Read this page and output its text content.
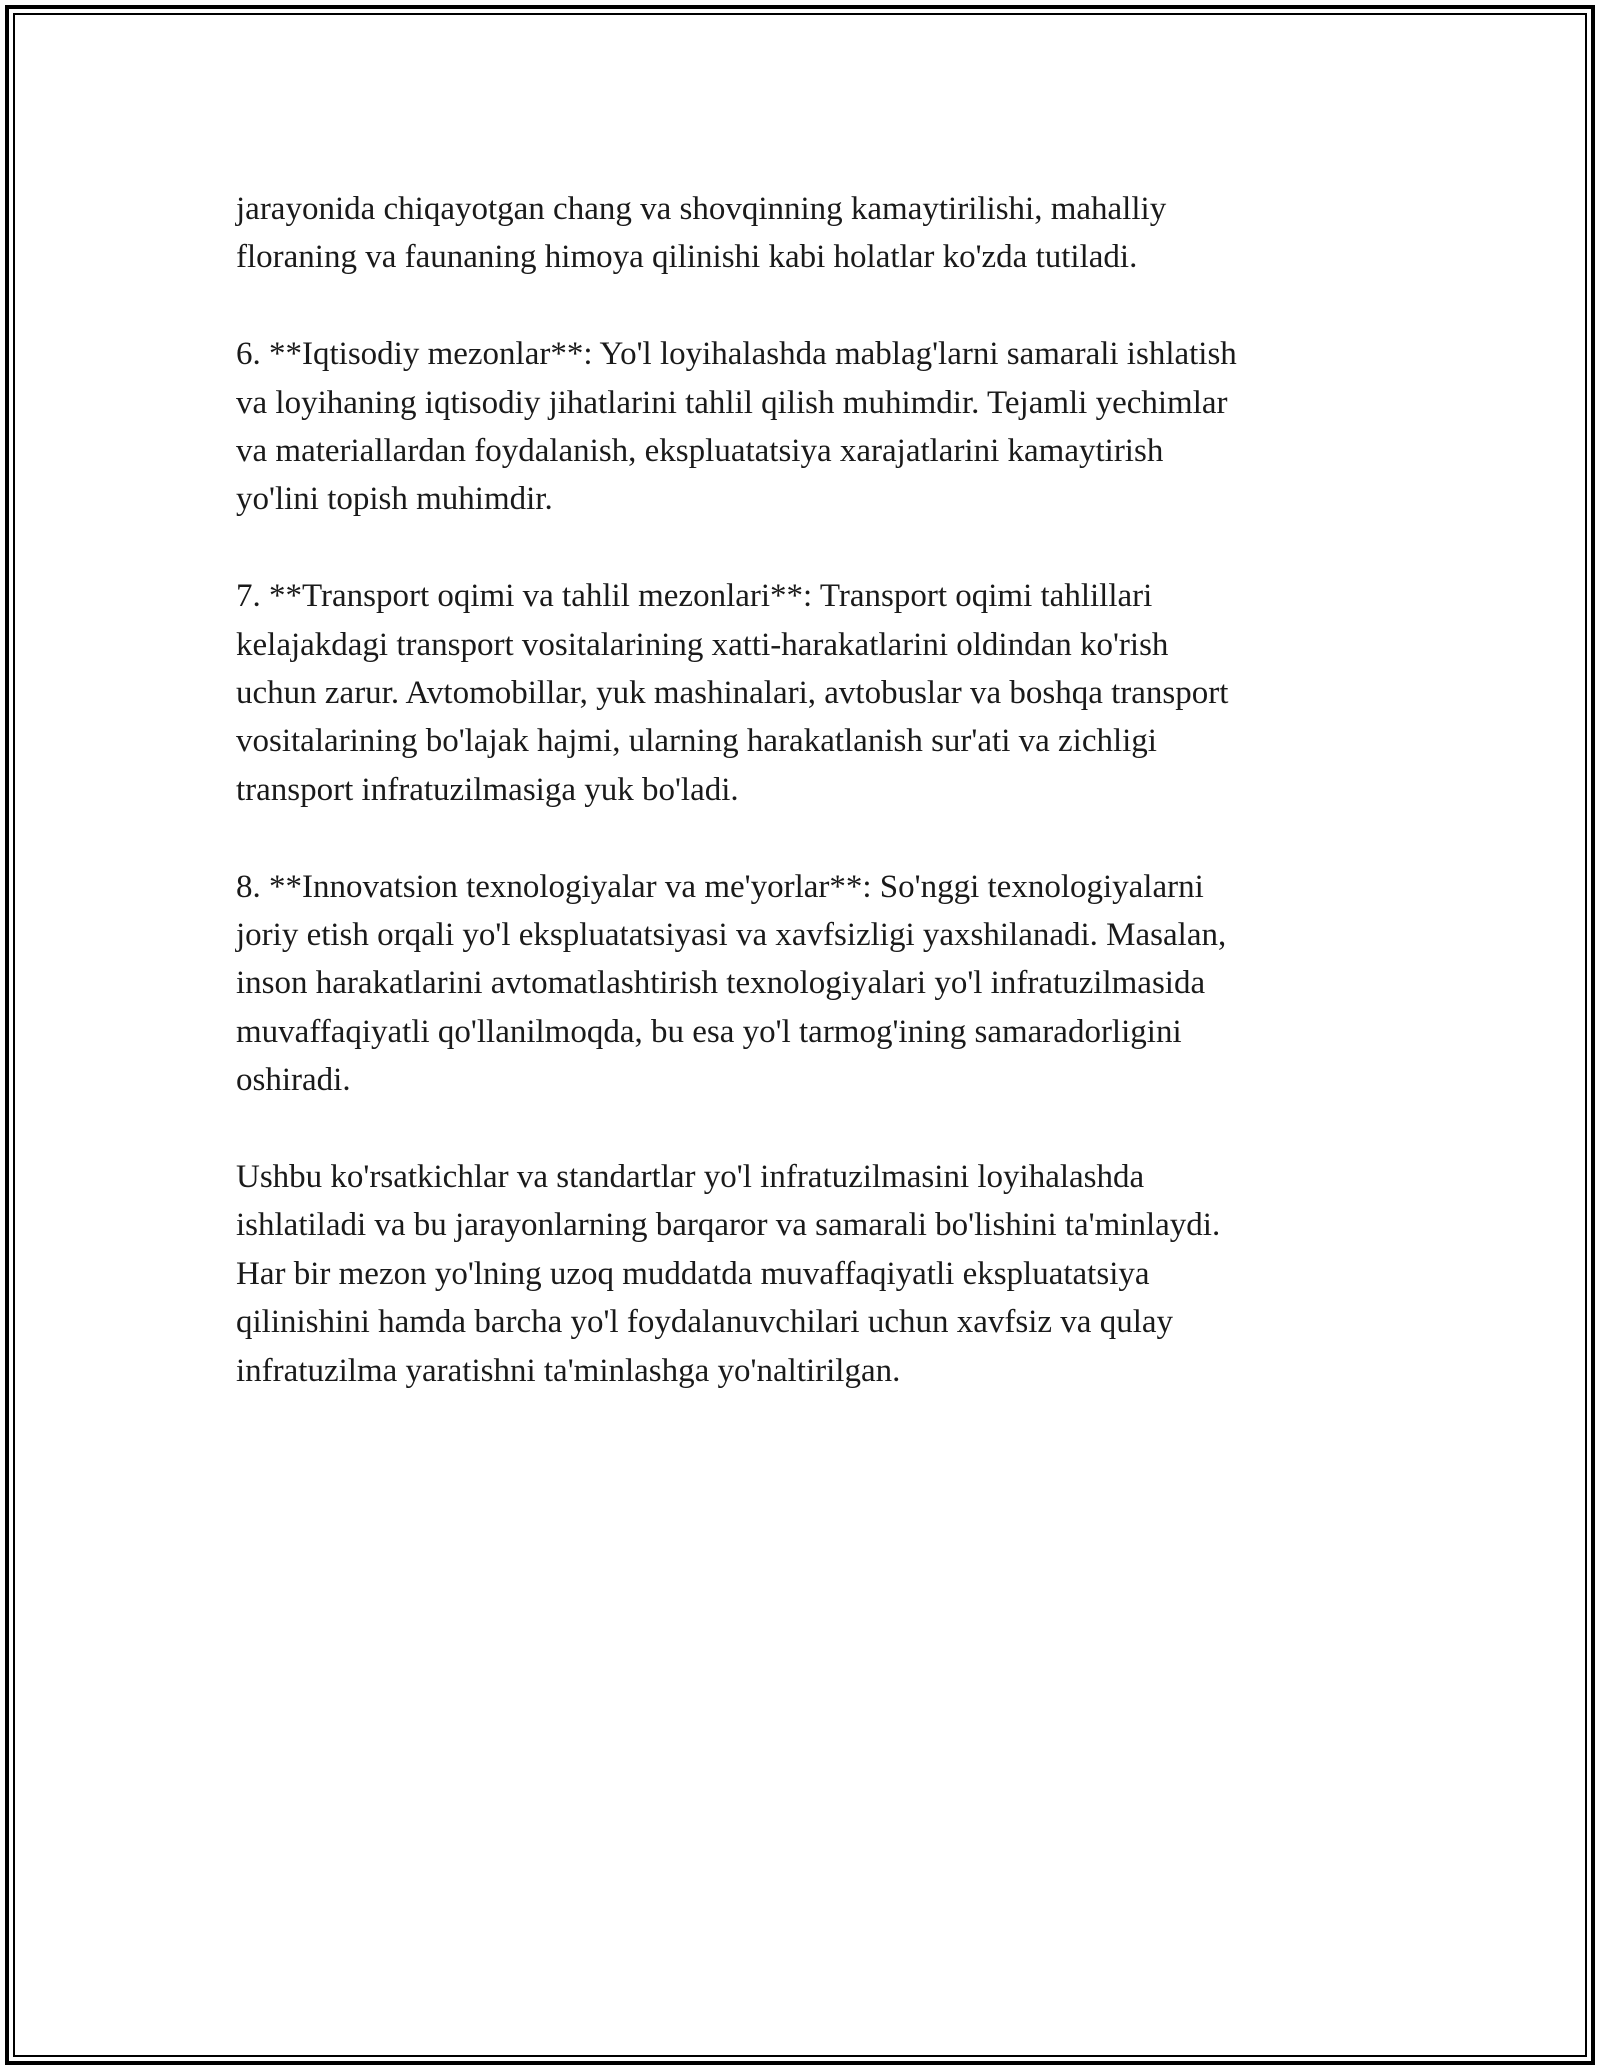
jarayonida chiqayotgan chang va shovqinning kamaytirilishi, mahalliy
floraning va faunaning himoya qilinishi kabi holatlar ko'zda tutiladi.
6. **Iqtisodiy mezonlar**: Yo'l loyihalashda mablag'larni samarali ishlatish
va loyihaning iqtisodiy jihatlarini tahlil qilish muhimdir. Tejamli yechimlar
va materiallardan foydalanish, ekspluatatsiya xarajatlarini kamaytirish
yo'lini topish muhimdir.
7. **Transport oqimi va tahlil mezonlari**: Transport oqimi tahlillari
kelajakdagi transport vositalarining xatti-harakatlarini oldindan ko'rish
uchun zarur. Avtomobillar, yuk mashinalari, avtobuslar va boshqa transport
vositalarining bo'lajak hajmi, ularning harakatlanish sur'ati va zichligi
transport infratuzilmasiga yuk bo'ladi.
8. **Innovatsion texnologiyalar va me'yorlar**: So'nggi texnologiyalarni
joriy etish orqali yo'l ekspluatatsiyasi va xavfsizligi yaxshilanadi. Masalan,
inson harakatlarini avtomatlashtirish texnologiyalari yo'l infratuzilmasida
muvaffaqiyatli qo'llanilmoqda, bu esa yo'l tarmog'ining samaradorligini
oshiradi.
Ushbu ko'rsatkichlar va standartlar yo'l infratuzilmasini loyihalashda
ishlatiladi va bu jarayonlarning barqaror va samarali bo'lishini ta'minlaydi.
Har bir mezon yo'lning uzoq muddatda muvaffaqiyatli ekspluatatsiya
qilinishini hamda barcha yo'l foydalanuvchilari uchun xavfsiz va qulay
infratuzilma yaratishni ta'minlashga yo'naltirilgan.
